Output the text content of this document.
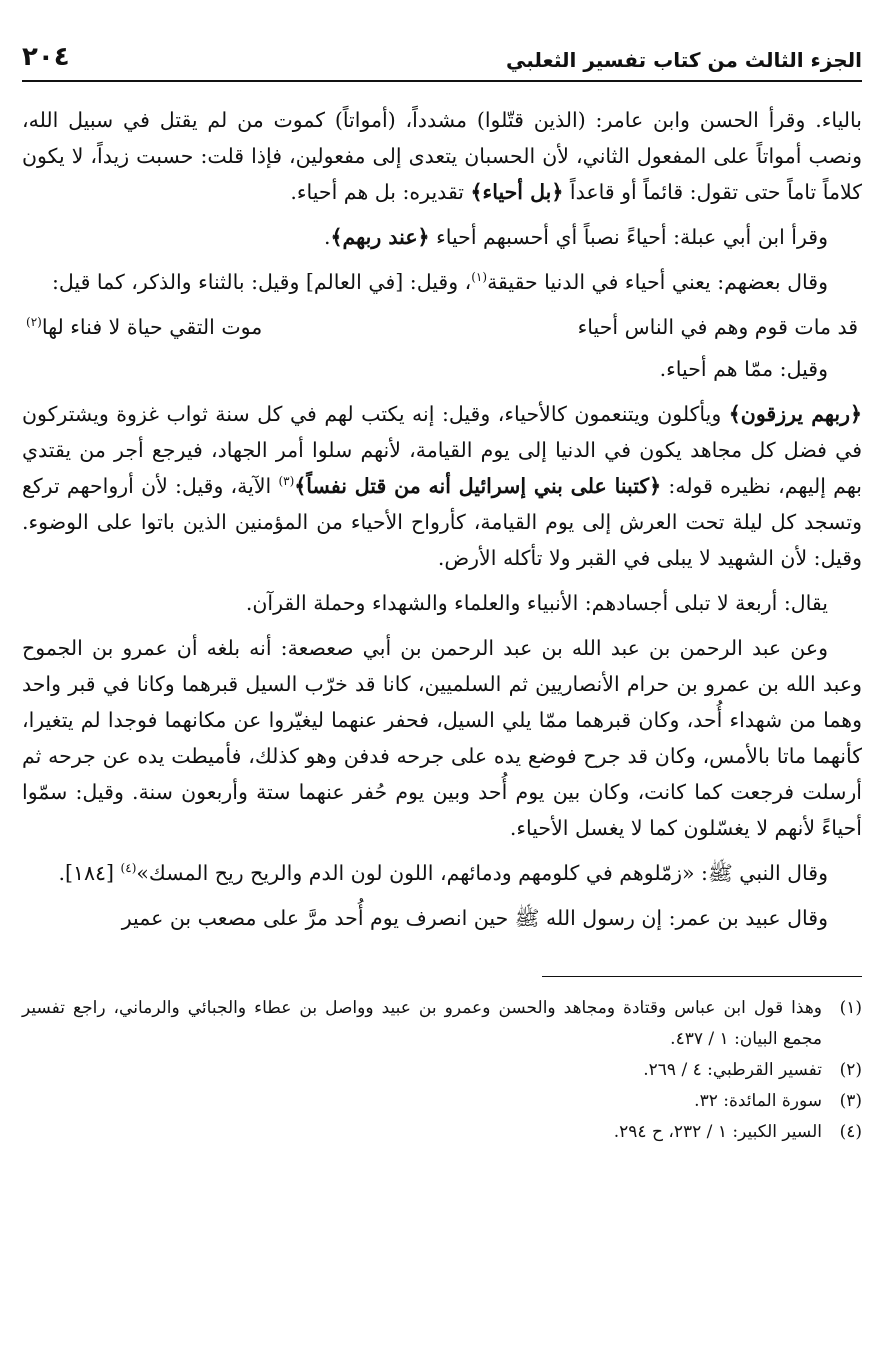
الجزء الثالث من كتاب تفسير الثعلبي
٢٠٤

بالياء. وقرأ الحسن وابن عامر: (الذين قتّلوا) مشدداً، (أمواتاً) كموت من لم يقتل في سبيل الله، ونصب أمواتاً على المفعول الثاني، لأن الحسبان يتعدى إلى مفعولين، فإذا قلت: حسبت زيداً، لا يكون كلاماً تاماً حتى تقول: قائماً أو قاعداً ﴿بل أحياء﴾ تقديره: بل هم أحياء.

وقرأ ابن أبي عبلة: أحياءً نصباً أي أحسبهم أحياء ﴿عند ربهم﴾.

وقال بعضهم: يعني أحياء في الدنيا حقيقة$^{(١)}$، وقيل: [في العالم] وقيل: بالثناء والذكر، كما قيل:

قد مات قوم وهم في الناس أحياء
موت التقي حياة لا فناء لها$^{(٢)}$

وقيل: ممّا هم أحياء.

﴿ربهم يرزقون﴾ ويأكلون ويتنعمون كالأحياء، وقيل: إنه يكتب لهم في كل سنة ثواب غزوة ويشتركون في فضل كل مجاهد يكون في الدنيا إلى يوم القيامة، لأنهم سلوا أمر الجهاد، فيرجع أجر من يقتدي بهم إليهم، نظيره قوله: ﴿كتبنا على بني إسرائيل أنه من قتل نفساً﴾$^{(٣)}$ الآية، وقيل: لأن أرواحهم تركع وتسجد كل ليلة تحت العرش إلى يوم القيامة، كأرواح الأحياء من المؤمنين الذين باتوا على الوضوء. وقيل: لأن الشهيد لا يبلى في القبر ولا تأكله الأرض.

يقال: أربعة لا تبلى أجسادهم: الأنبياء والعلماء والشهداء وحملة القرآن.

وعن عبد الرحمن بن عبد الله بن عبد الرحمن بن أبي صعصعة: أنه بلغه أن عمرو بن الجموح وعبد الله بن عمرو بن حرام الأنصاريين ثم السلميين، كانا قد خرّب السيل قبرهما وكانا في قبر واحد وهما من شهداء أُحد، وكان قبرهما ممّا يلي السيل، فحفر عنهما ليغيّروا عن مكانهما فوجدا لم يتغيرا، كأنهما ماتا بالأمس، وكان قد جرح فوضع يده على جرحه فدفن وهو كذلك، فأميطت يده عن جرحه ثم أرسلت فرجعت كما كانت، وكان بين يوم أُحد وبين يوم حُفر عنهما ستة وأربعون سنة. وقيل: سمّوا أحياءً لأنهم لا يغسّلون كما لا يغسل الأحياء.

وقال النبي ﷺ: «زمّلوهم في كلومهم ودمائهم، اللون لون الدم والريح ريح المسك»$^{(٤)}$ [١٨٤].

وقال عبيد بن عمر: إن رسول الله ﷺ حين انصرف يوم أُحد مرَّ على مصعب بن عمير

(١)
وهذا قول ابن عباس وقتادة ومجاهد والحسن وعمرو بن عبيد وواصل بن عطاء والجبائي والرماني، راجع تفسير مجمع البيان: ١ / ٤٣٧.
(٢)
تفسير القرطبي: ٤ / ٢٦٩.
(٣)
سورة المائدة: ٣٢.
(٤)
السير الكبير: ١ / ٢٣٢، ح ٢٩٤.
